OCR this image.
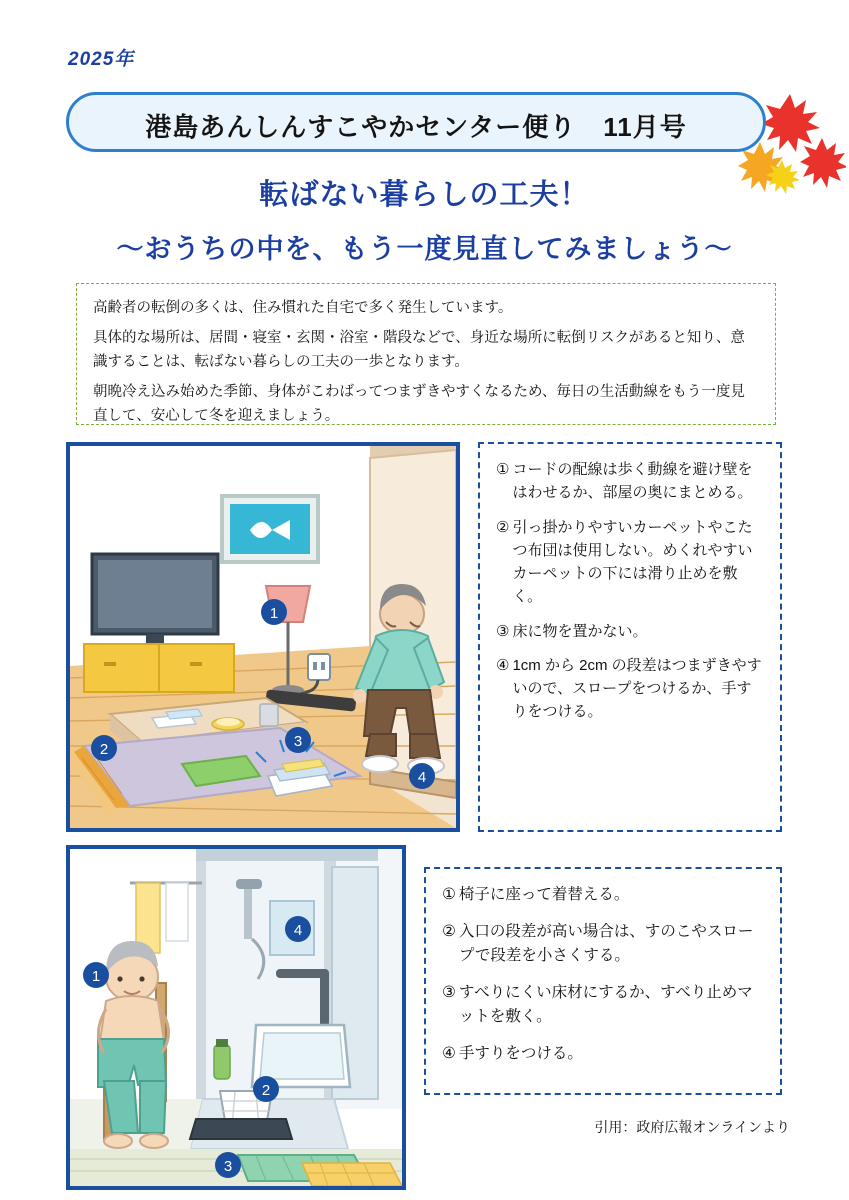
2025年
港島あんしんすこやかセンター便り　11月号
転ばない暮らしの工夫！
～おうちの中を、もう一度見直してみましょう～

高齢者の転倒の多くは、住み慣れた自宅で多く発生しています。

具体的な場所は、居間・寝室・玄関・浴室・階段などで、身近な場所に転倒リスクがあると知り、意識することは、転ばない暮らしの工夫の一歩となります。

朝晩冷え込み始めた季節、身体がこわばってつまずきやすくなるため、毎日の生活動線をもう一度見直して、安心して冬を迎えましょう。

1
2	3
4
① コードの配線は歩く動線を避け壁をはわせるか、部屋の奥にまとめる。
② 引っ掛かりやすいカーペットやこたつ布団は使用しない。めくれやすいカーペットの下には滑り止めを敷く。
③ 床に物を置かない。
④ 1cm から 2cm の段差はつまずきやすいので、スロープをつけるか、手すりをつける。
1
2
3
4
① 椅子に座って着替える。
② 入口の段差が高い場合は、すのこやスロープで段差を小さくする。
③ すべりにくい床材にするか、すべり止めマットを敷く。
④ 手すりをつける。
引用：政府広報オンラインより
